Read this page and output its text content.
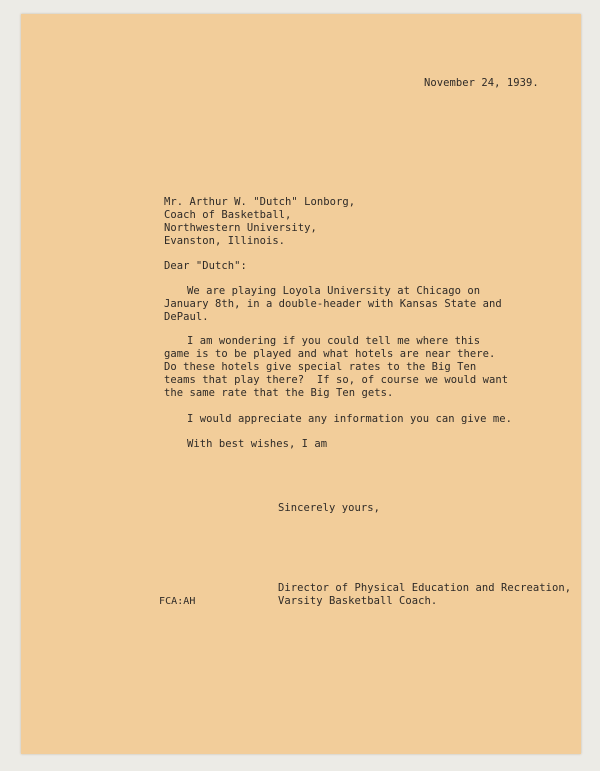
November 24, 1939.
Mr. Arthur W. "Dutch" Lonborg,
Coach of Basketball,
Northwestern University,
Evanston, Illinois.
Dear "Dutch":
We are playing Loyola University at Chicago on
January 8th, in a double-header with Kansas State and
DePaul.
I am wondering if you could tell me where this
game is to be played and what hotels are near there.
Do these hotels give special rates to the Big Ten
teams that play there?  If so, of course we would want
the same rate that the Big Ten gets.
I would appreciate any information you can give me.
With best wishes, I am
Sincerely yours,
Director of Physical Education and Recreation,
Varsity Basketball Coach.
FCA:AH
